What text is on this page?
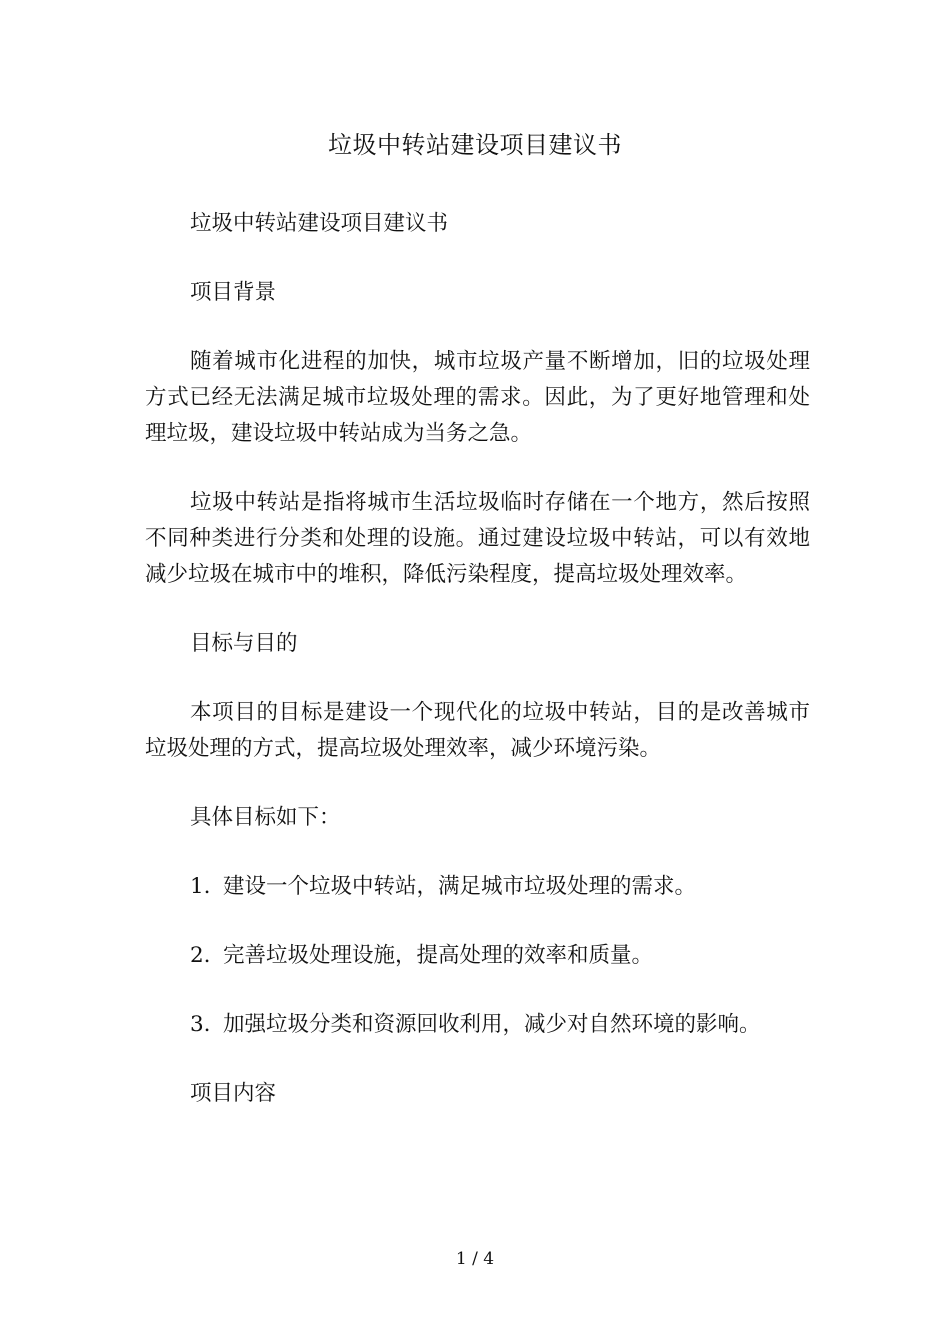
垃圾中转站建设项目建议书

垃圾中转站建设项目建议书

项目背景

随着城市化进程的加快，城市垃圾产量不断增加，旧的垃圾处理方式已经无法满足城市垃圾处理的需求。因此，为了更好地管理和处理垃圾，建设垃圾中转站成为当务之急。

垃圾中转站是指将城市生活垃圾临时存储在一个地方，然后按照不同种类进行分类和处理的设施。通过建设垃圾中转站，可以有效地减少垃圾在城市中的堆积，降低污染程度，提高垃圾处理效率。

目标与目的

本项目的目标是建设一个现代化的垃圾中转站，目的是改善城市垃圾处理的方式，提高垃圾处理效率，减少环境污染。

具体目标如下：

1. 建设一个垃圾中转站，满足城市垃圾处理的需求。

2. 完善垃圾处理设施，提高处理的效率和质量。

3. 加强垃圾分类和资源回收利用，减少对自然环境的影响。

项目内容

1 / 4
